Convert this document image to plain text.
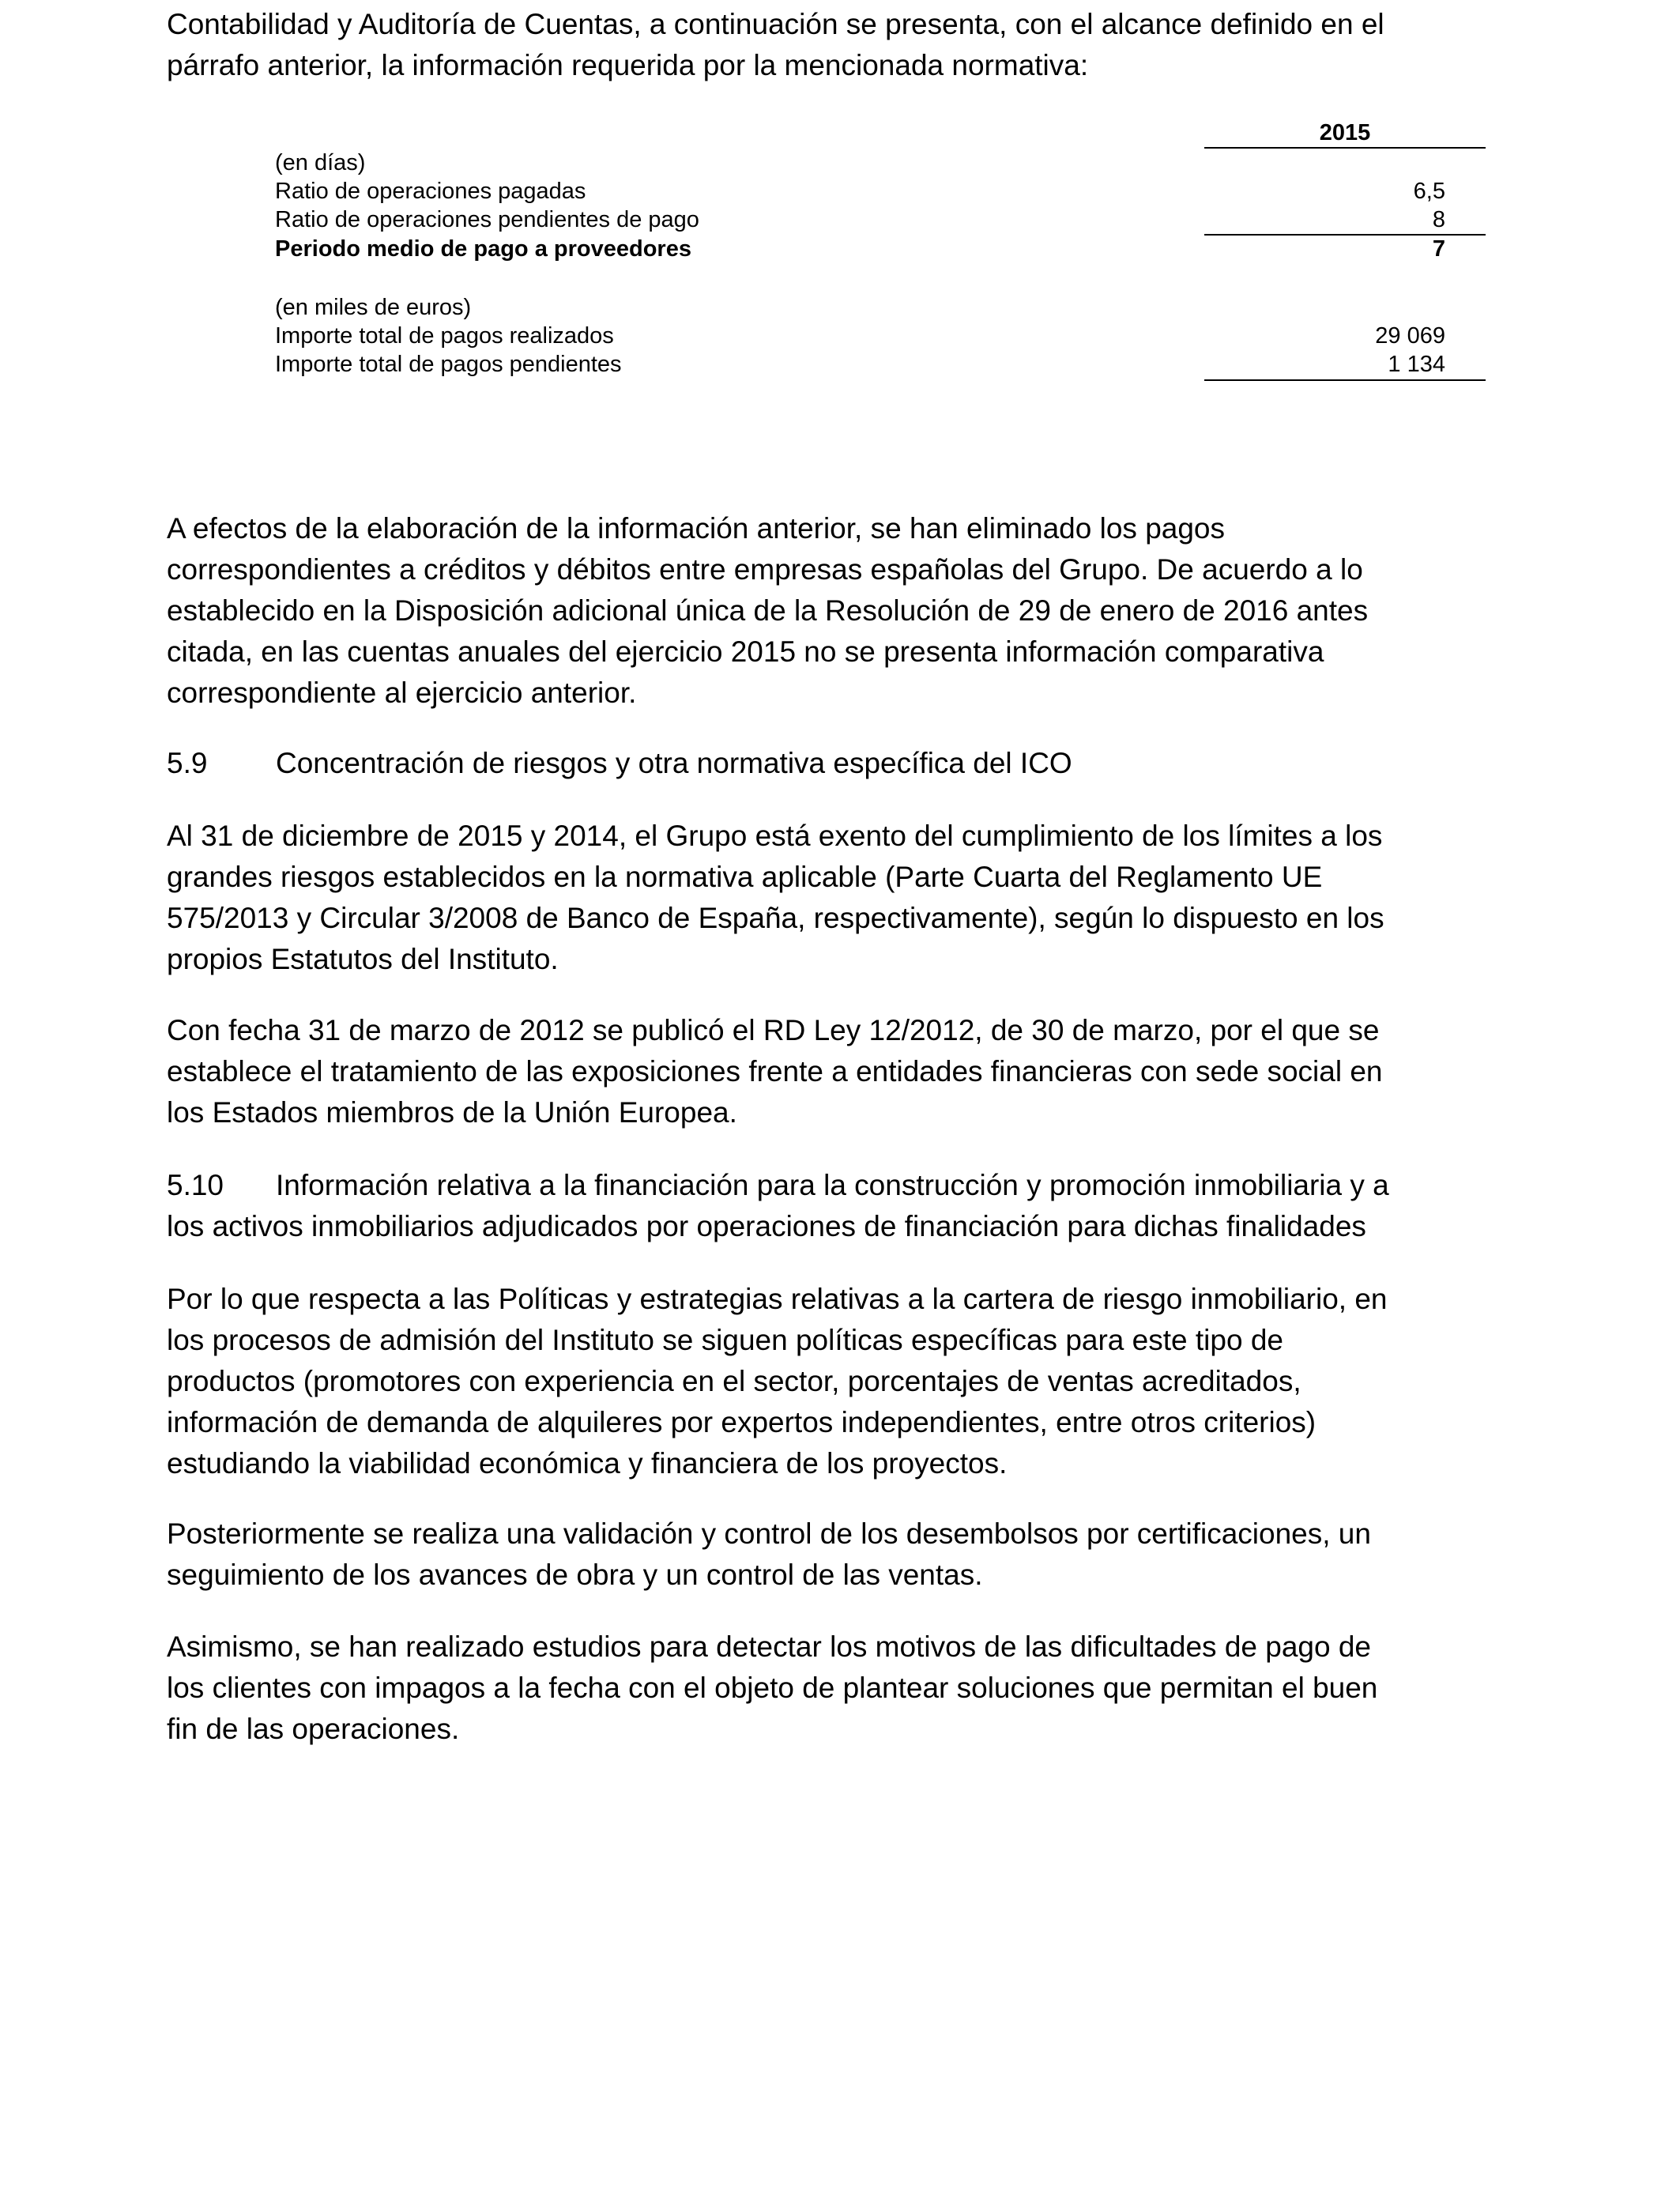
Contabilidad y Auditoría de Cuentas, a continuación se presenta, con el alcance definido en el
párrafo anterior, la información requerida por la mencionada normativa:

2015
(en días)
Ratio de operaciones pagadas	6,5
Ratio de operaciones pendientes de pago	8
Periodo medio de pago a proveedores	7
(en miles de euros)
Importe total de pagos realizados	29 069
Importe total de pagos pendientes	1 134

A efectos de la elaboración de la información anterior, se han eliminado los pagos
correspondientes a créditos y débitos entre empresas españolas del Grupo. De acuerdo a lo
establecido en la Disposición adicional única de la Resolución de 29 de enero de 2016 antes
citada, en las cuentas anuales del ejercicio 2015 no se presenta información comparativa
correspondiente al ejercicio anterior.

5.9 Concentración de riesgos y otra normativa específica del ICO

Al 31 de diciembre de 2015 y 2014, el Grupo está exento del cumplimiento de los límites a los
grandes riesgos establecidos en la normativa aplicable (Parte Cuarta del Reglamento UE
575/2013 y Circular 3/2008 de Banco de España, respectivamente), según lo dispuesto en los
propios Estatutos del Instituto.

Con fecha 31 de marzo de 2012 se publicó el RD Ley 12/2012, de 30 de marzo, por el que se
establece el tratamiento de las exposiciones frente a entidades financieras con sede social en
los Estados miembros de la Unión Europea.

5.10 Información relativa a la financiación para la construcción y promoción inmobiliaria y a
los activos inmobiliarios adjudicados por operaciones de financiación para dichas finalidades

Por lo que respecta a las Políticas y estrategias relativas a la cartera de riesgo inmobiliario, en
los procesos de admisión del Instituto se siguen políticas específicas para este tipo de
productos (promotores con experiencia en el sector, porcentajes de ventas acreditados,
información de demanda de alquileres por expertos independientes, entre otros criterios)
estudiando la viabilidad económica y financiera de los proyectos.

Posteriormente se realiza una validación y control de los desembolsos por certificaciones, un
seguimiento de los avances de obra y un control de las ventas.

Asimismo, se han realizado estudios para detectar los motivos de las dificultades de pago de
los clientes con impagos a la fecha con el objeto de plantear soluciones que permitan el buen
fin de las operaciones.
